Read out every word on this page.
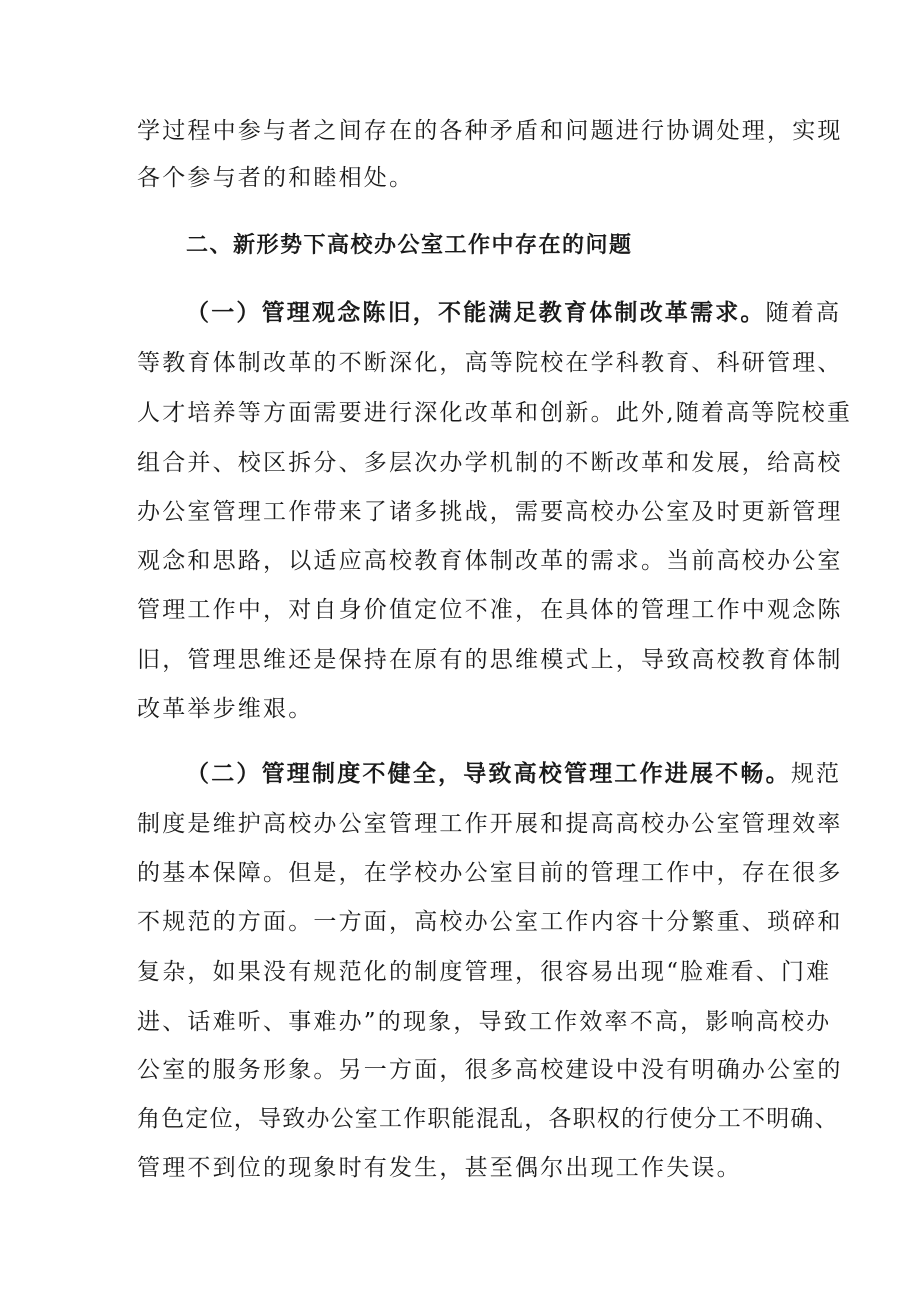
学过程中参与者之间存在的各种矛盾和问题进行协调处理，实现
各个参与者的和睦相处。
二、新形势下高校办公室工作中存在的问题
（一）管理观念陈旧，不能满足教育体制改革需求。 随着高
等教育体制改革的不断深化，高等院校在学科教育、科研管理、
人才培养等方面需要进行深化改革和创新。此外,随着高等院校重
组合并、校区拆分、多层次办学机制的不断改革和发展，给高校
办公室管理工作带来了诸多挑战，需要高校办公室及时更新管理
观念和思路，以适应高校教育体制改革的需求。当前高校办公室
管理工作中，对自身价值定位不准，在具体的管理工作中观念陈
旧，管理思维还是保持在原有的思维模式上，导致高校教育体制
改革举步维艰。
（二）管理制度不健全，导致高校管理工作进展不畅。 规范
制度是维护高校办公室管理工作开展和提高高校办公室管理效率
的基本保障。但是，在学校办公室目前的管理工作中，存在很多
不规范的方面。一方面，高校办公室工作内容十分繁重、琐碎和
复杂，如果没有规范化的制度管理，很容易出现“脸难看、门难
进、话难听、事难办”的现象，导致工作效率不高，影响高校办
公室的服务形象。另一方面，很多高校建设中没有明确办公室的
角色定位，导致办公室工作职能混乱，各职权的行使分工不明确、
管理不到位的现象时有发生，甚至偶尔出现工作失误。
